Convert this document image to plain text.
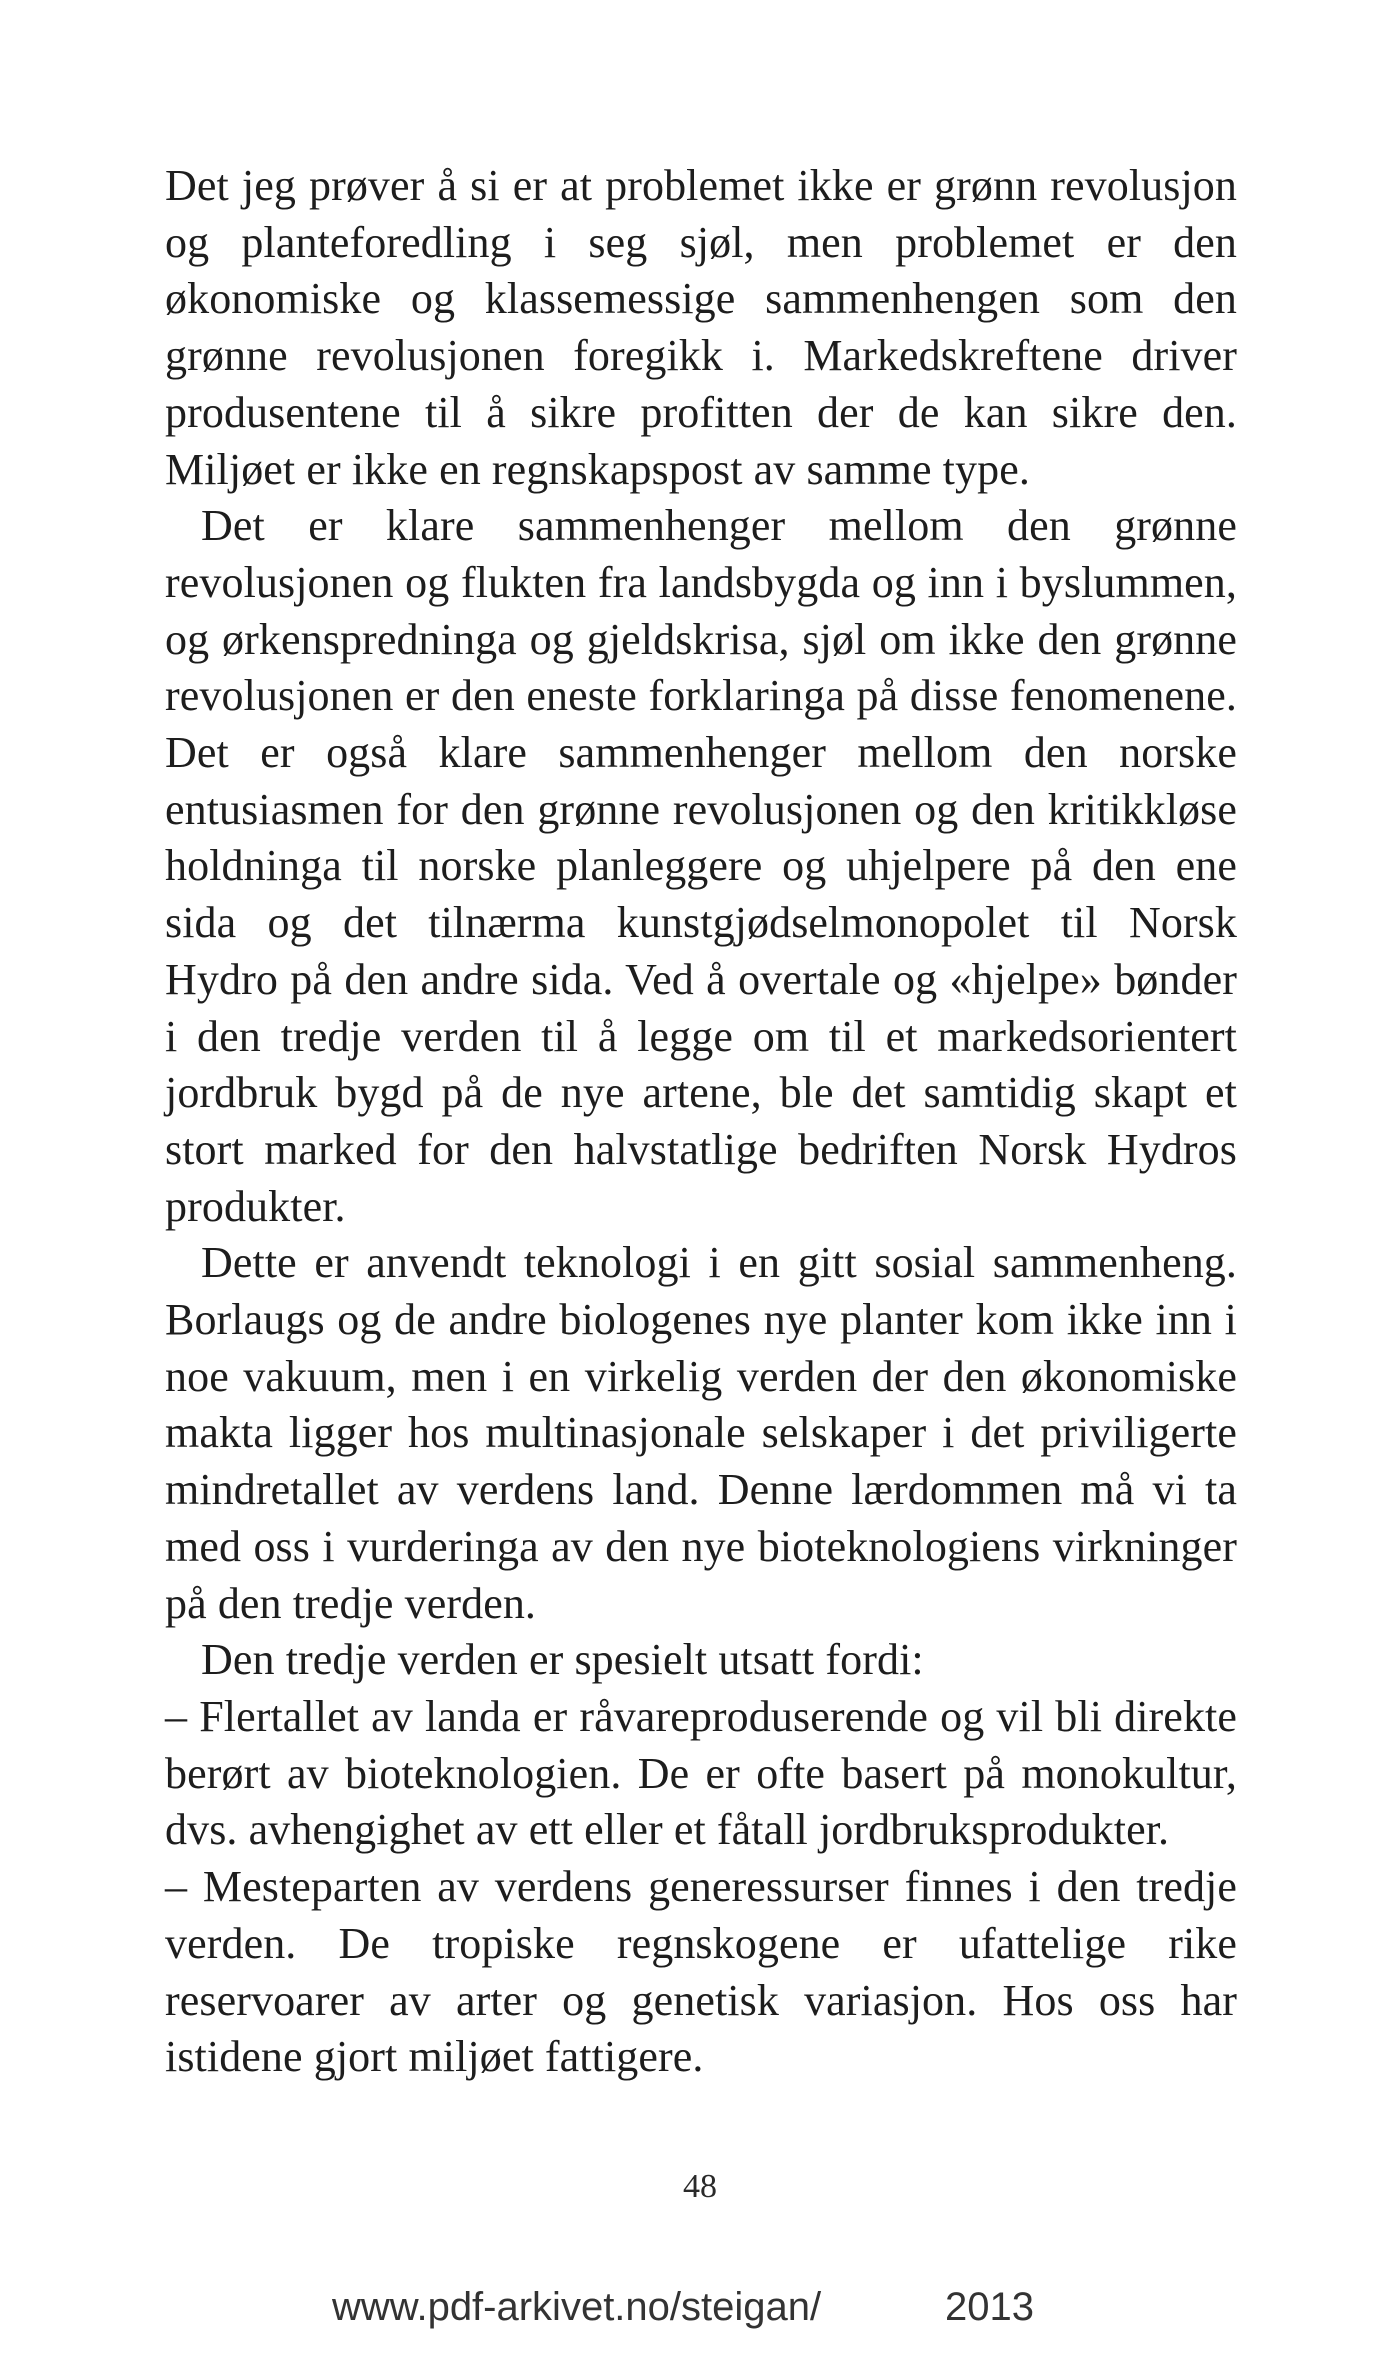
Det jeg prøver å si er at problemet ikke er grønn revolusjon og planteforedling i seg sjøl, men problemet er den økonomiske og klassemessige sammenhengen som den grønne revolusjonen foregikk i. Markedskreftene driver produsentene til å sikre profitten der de kan sikre den. Miljøet er ikke en regnskapspost av samme type.

Det er klare sammenhenger mellom den grønne revolusjonen og flukten fra landsbygda og inn i byslummen, og ørkenspredninga og gjeldskrisa, sjøl om ikke den grønne revolusjonen er den eneste forklaringa på disse fenomenene. Det er også klare sammenhenger mellom den norske entusiasmen for den grønne revolusjonen og den kritikkløse holdninga til norske planleggere og uhjelpere på den ene sida og det tilnærma kunstgjødselmonopolet til Norsk Hydro på den andre sida. Ved å overtale og «hjelpe» bønder i den tredje verden til å legge om til et markedsorientert jordbruk bygd på de nye artene, ble det samtidig skapt et stort marked for den halvstatlige bedriften Norsk Hydros produkter.

Dette er anvendt teknologi i en gitt sosial sammenheng. Borlaugs og de andre biologenes nye planter kom ikke inn i noe vakuum, men i en virkelig verden der den økonomiske makta ligger hos multinasjonale selskaper i det priviligerte mindretallet av verdens land. Denne lærdommen må vi ta med oss i vurderinga av den nye bioteknologiens virkninger på den tredje verden.

Den tredje verden er spesielt utsatt fordi:

– Flertallet av landa er råvareproduserende og vil bli direkte berørt av bioteknologien. De er ofte basert på monokultur, dvs. avhengighet av ett eller et fåtall jordbruksprodukter.

– Mesteparten av verdens generessurser finnes i den tredje verden. De tropiske regnskogene er ufattelige rike reservoarer av arter og genetisk variasjon. Hos oss har istidene gjort miljøet fattigere.

48
www.pdf-arkivet.no/steigan/	2013
